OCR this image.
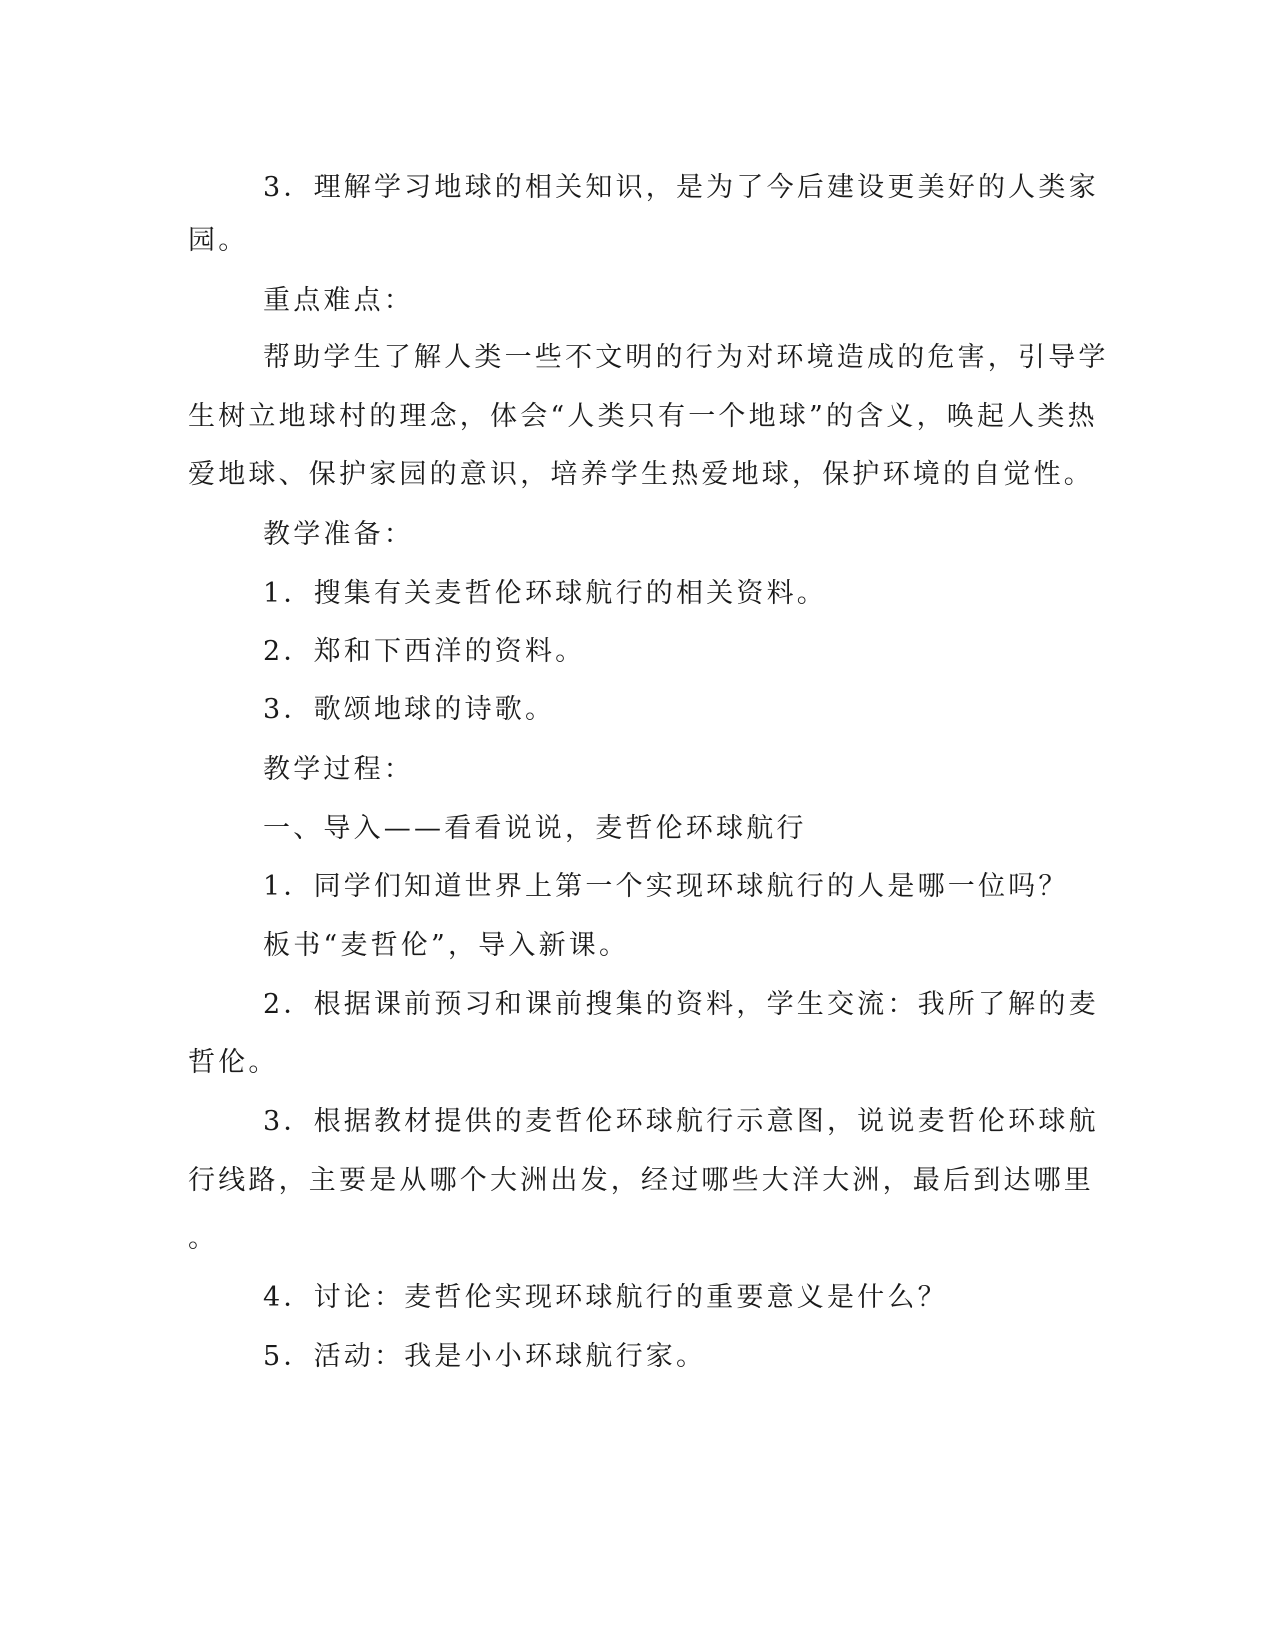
3．理解学习地球的相关知识，是为了今后建设更美好的人类家
园。
重点难点：
帮助学生了解人类一些不文明的行为对环境造成的危害，引导学
生树立地球村的理念，体会“人类只有一个地球”的含义，唤起人类热
爱地球、保护家园的意识，培养学生热爱地球，保护环境的自觉性。
教学准备：
1．搜集有关麦哲伦环球航行的相关资料。
2．郑和下西洋的资料。
3．歌颂地球的诗歌。
教学过程：
一、导入——看看说说，麦哲伦环球航行
1．同学们知道世界上第一个实现环球航行的人是哪一位吗？
板书“麦哲伦”，导入新课。
2．根据课前预习和课前搜集的资料，学生交流：我所了解的麦
哲伦。
3．根据教材提供的麦哲伦环球航行示意图，说说麦哲伦环球航
行线路，主要是从哪个大洲出发，经过哪些大洋大洲，最后到达哪里
。
4．讨论：麦哲伦实现环球航行的重要意义是什么？
5．活动：我是小小环球航行家。
